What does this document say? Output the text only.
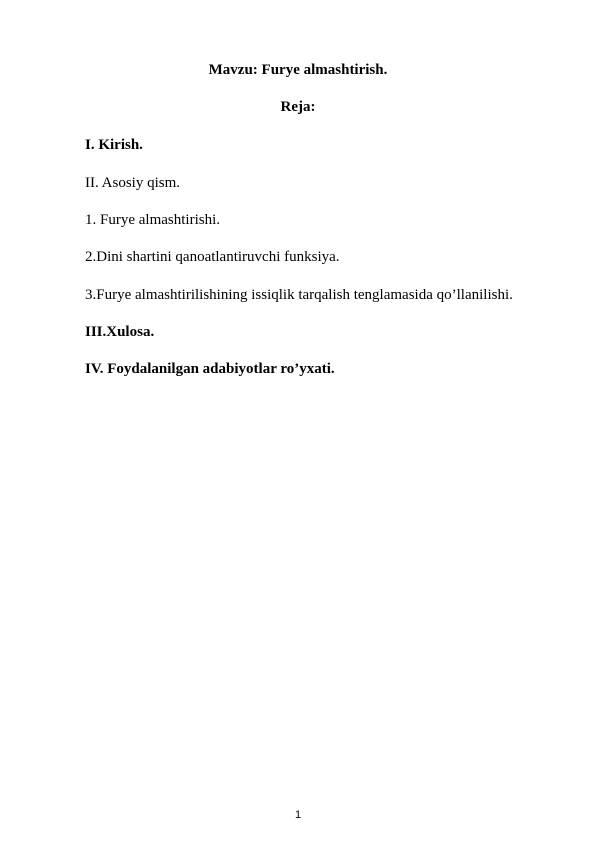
Mavzu: Furye almashtirish.
Reja:
I. Kirish.
II. Asosiy qism.
1. Furye almashtirishi.
2.Dini shartini qanoatlantiruvchi funksiya.
3.Furye almashtirilishining issiqlik tarqalish tenglamasida qo’llanilishi.
III.Xulosa.
IV. Foydalanilgan adabiyotlar ro’yxati.
1
